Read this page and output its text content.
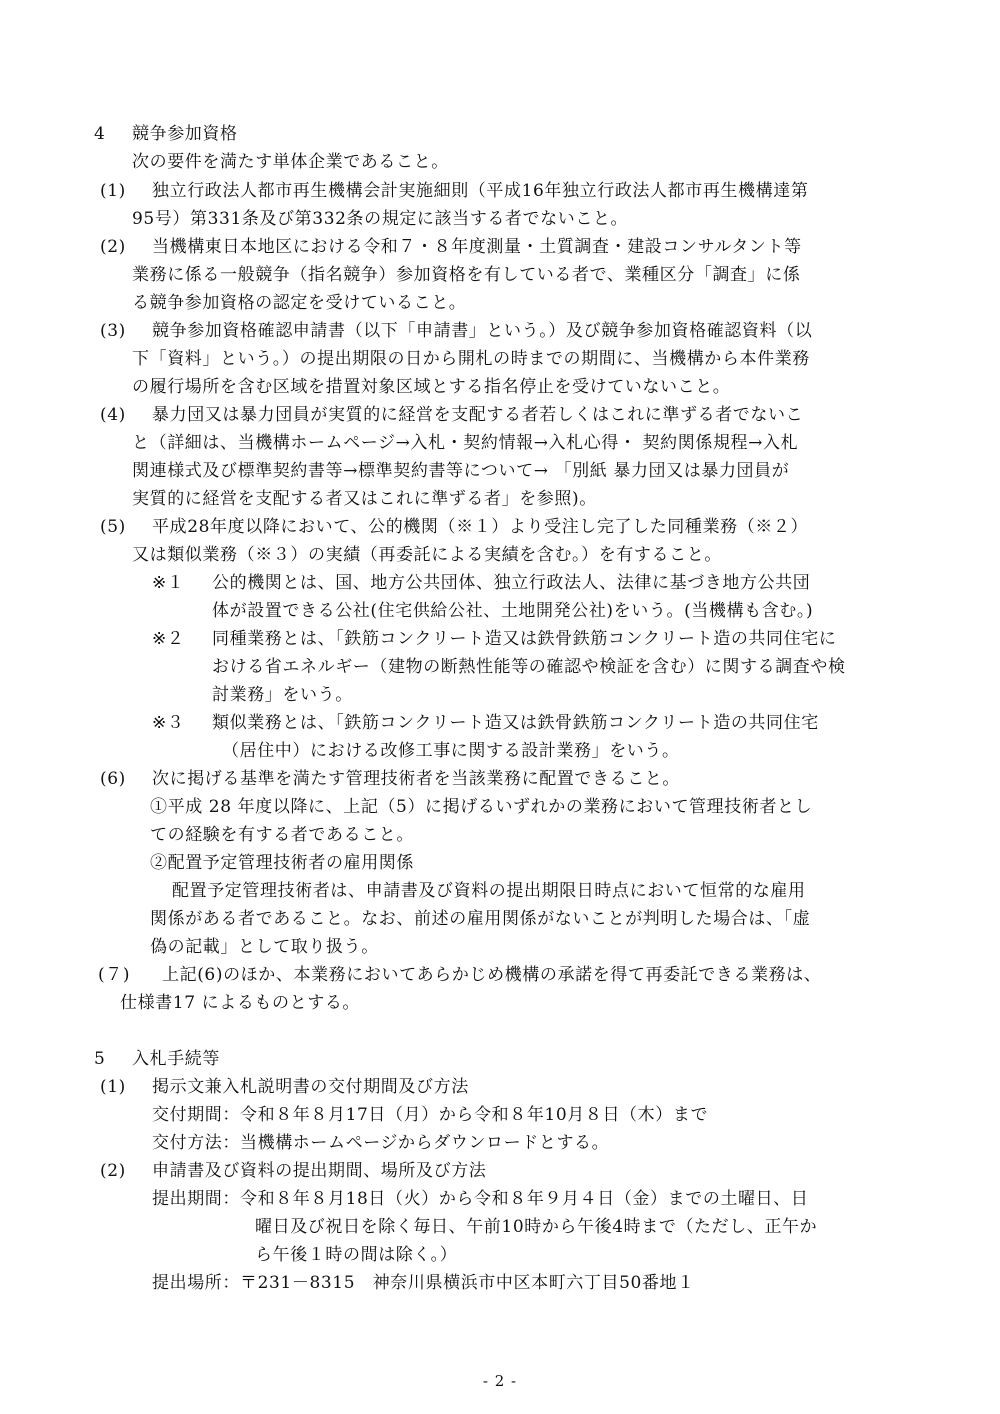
4 競争参加資格
次の要件を満たす単体企業であること。
(1) 独立行政法人都市再生機構会計実施細則（平成16年独立行政法人都市再生機構達第
95号）第331条及び第332条の規定に該当する者でないこと。
(2) 当機構東日本地区における令和７・８年度測量・土質調査・建設コンサルタント等
業務に係る一般競争（指名競争）参加資格を有している者で、業種区分「調査」に係
る競争参加資格の認定を受けていること。
(3) 競争参加資格確認申請書（以下「申請書」という。）及び競争参加資格確認資料（以
下「資料」という。）の提出期限の日から開札の時までの期間に、当機構から本件業務
の履行場所を含む区域を措置対象区域とする指名停止を受けていないこと。
(4) 暴力団又は暴力団員が実質的に経営を支配する者若しくはこれに準ずる者でないこ
と（詳細は、当機構ホームページ→入札・契約情報→入札心得・ 契約関係規程→入札
関連様式及び標準契約書等→標準契約書等について→ 「別紙 暴力団又は暴力団員が
実質的に経営を支配する者又はこれに準ずる者」を参照)。
(5) 平成28年度以降において、公的機関（※１）より受注し完了した同種業務（※２）
又は類似業務（※３）の実績（再委託による実績を含む。）を有すること。
※１ 公的機関とは、国、地方公共団体、独立行政法人、法律に基づき地方公共団
体が設置できる公社(住宅供給公社、土地開発公社)をいう。(当機構も含む。)
※２ 同種業務とは、「鉄筋コンクリート造又は鉄骨鉄筋コンクリート造の共同住宅に
おける省エネルギー（建物の断熱性能等の確認や検証を含む）に関する調査や検
討業務」をいう。
※３ 類似業務とは、｢鉄筋コンクリート造又は鉄骨鉄筋コンクリート造の共同住宅
（居住中）における改修工事に関する設計業務」をいう。
(6) 次に掲げる基準を満たす管理技術者を当該業務に配置できること。
①平成 28 年度以降に、上記（5）に掲げるいずれかの業務において管理技術者とし
ての経験を有する者であること。
②配置予定管理技術者の雇用関係
配置予定管理技術者は、申請書及び資料の提出期限日時点において恒常的な雇用
関係がある者であること。なお、前述の雇用関係がないことが判明した場合は、｢虚
偽の記載」として取り扱う。
(７) 上記(6)のほか、本業務においてあらかじめ機構の承諾を得て再委託できる業務は、
仕様書17 によるものとする。
5 入札手続等
(1) 掲示文兼入札説明書の交付期間及び方法
交付期間：令和８年８月17日（月）から令和８年10月８日（木）まで
交付方法：当機構ホームページからダウンロードとする。
(2) 申請書及び資料の提出期間、場所及び方法
提出期間：令和８年８月18日（火）から令和８年９月４日（金）までの土曜日、日
曜日及び祝日を除く毎日、午前10時から午後4時まで（ただし、正午か
ら午後１時の間は除く。）
提出場所：〒231－8315　神奈川県横浜市中区本町六丁目50番地１
- 2 -
